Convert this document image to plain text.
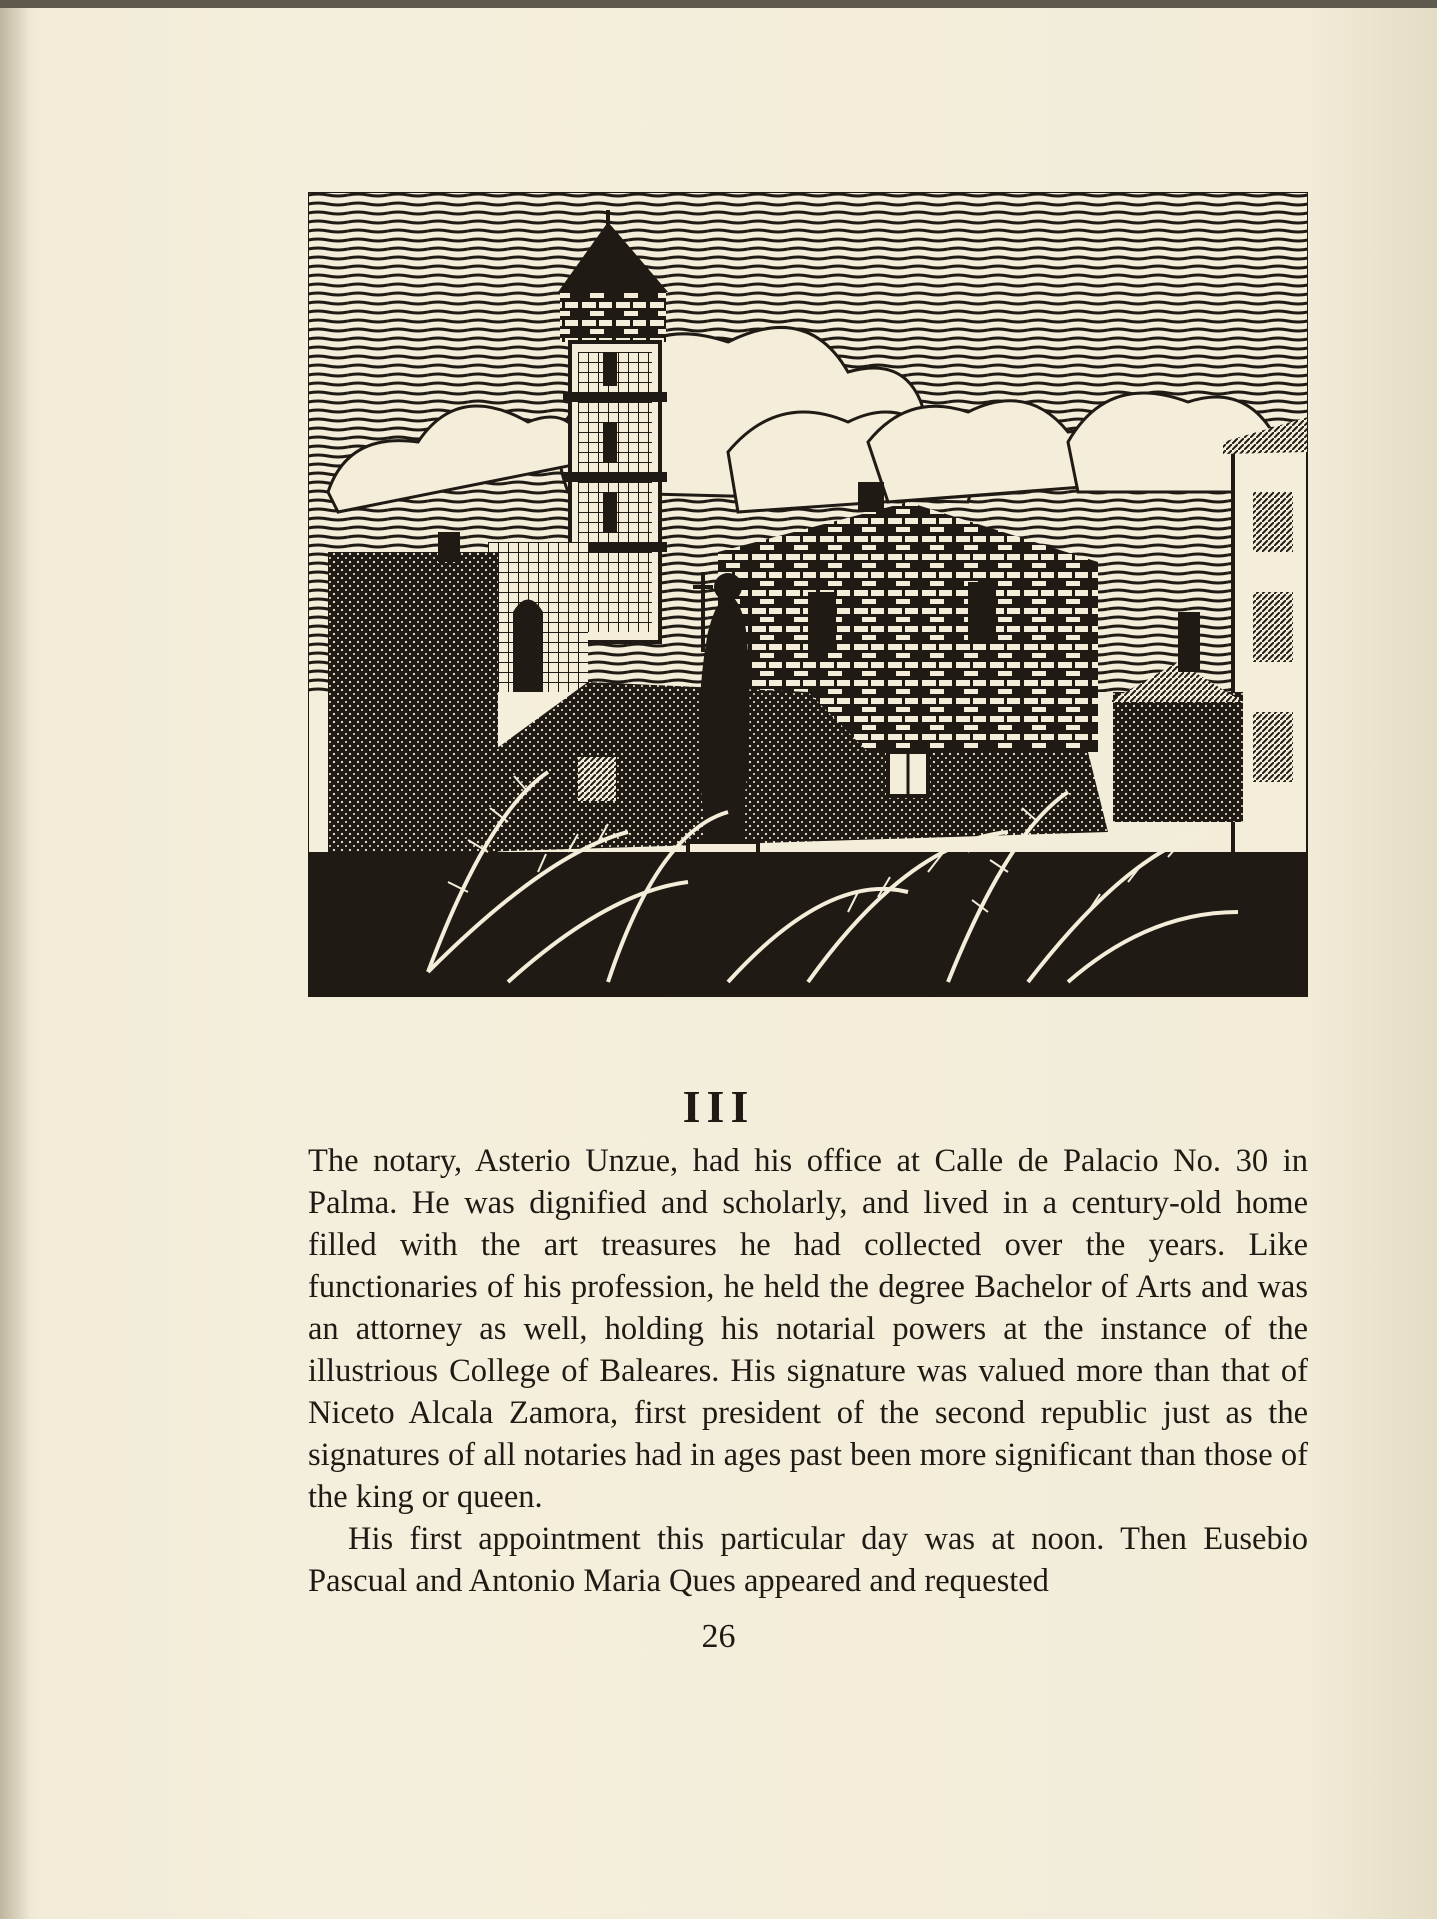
III

The notary, Asterio Unzue, had his office at Calle de Palacio No. 30 in Palma. He was dignified and scholarly, and lived in a century-old home filled with the art treasures he had collected over the years. Like functionaries of his profession, he held the degree Bachelor of Arts and was an attorney as well, holding his notarial powers at the instance of the illustrious College of Baleares. His signature was valued more than that of Niceto Alcala Zamora, first president of the second republic just as the signatures of all notaries had in ages past been more significant than those of the king or queen.

His first appointment this particular day was at noon. Then Eusebio Pascual and Antonio Maria Ques appeared and requested

26
